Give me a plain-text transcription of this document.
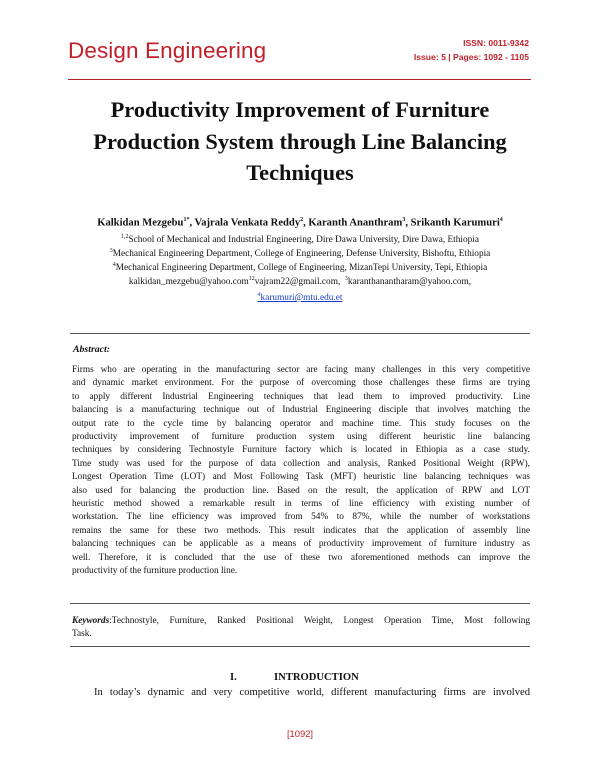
Design Engineering	ISSN: 0011-9342
Issue: 5 | Pages: 1092 - 1105
Productivity Improvement of Furniture
Production System through Line Balancing
Techniques
Kalkidan Mezgebu$^{1*}$, Vajrala Venkata Reddy$^2$, Karanth Ananthram$^3$, Srikanth Karumuri$^4$
$^{1,2}$School of Mechanical and Industrial Engineering, Dire Dawa University, Dire Dawa, Ethiopia
$^3$Mechanical Engineering Department, College of Engineering, Defense University, Bishoftu, Ethiopia
$^4$Mechanical Engineering Department, College of Engineering, MizanTepi University, Tepi, Ethiopia
kalkidan_mezgebu@yahoo.com$^{12}$vajram22@gmail.com, $^3$karanthanantharam@yahoo.com,
$^4$karumuri@mtu.edu.et
Abstract:
Firms who are operating in the manufacturing sector are facing many challenges in this very competitive
and dynamic market environment. For the purpose of overcoming those challenges these firms are trying
to apply different Industrial Engineering techniques that lead them to improved productivity. Line
balancing is a manufacturing technique out of Industrial Engineering disciple that involves matching the
output rate to the cycle time by balancing operator and machine time. This study focuses on the
productivity improvement of furniture production system using different heuristic line balancing
techniques by considering Technostyle Furniture factory which is located in Ethiopia as a case study.
Time study was used for the purpose of data collection and analysis, Ranked Positional Weight (RPW),
Longest Operation Time (LOT) and Most Following Task (MFT) heuristic line balancing techniques was
also used for balancing the production line. Based on the result, the application of RPW and LOT
heuristic method showed a remarkable result in terms of line efficiency with existing number of
workstation. The line efficiency was improved from 54% to 87%, while the number of workstations
remains the same for these two methods. This result indicates that the application of assembly line
balancing techniques can be applicable as a means of productivity improvement of furniture industry as
well. Therefore, it is concluded that the use of these two aforementioned methods can improve the
productivity of the furniture production line.
Keywords:Technostyle, Furniture, Ranked Positional Weight, Longest Operation Time, Most following
Task.
I.	INTRODUCTION
In today’s dynamic and very competitive world, different manufacturing firms are involved
[1092]
